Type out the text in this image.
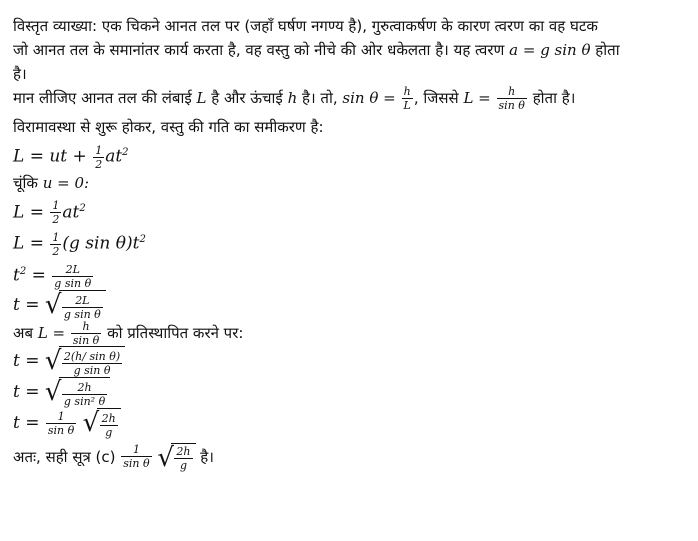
विस्तृत व्याख्या: एक चिकने आनत तल पर (जहाँ घर्षण नगण्य है), गुरुत्वाकर्षण के कारण त्वरण का वह घटक
जो आनत तल के समानांतर कार्य करता है, वह वस्तु को नीचे की ओर धकेलता है। यह त्वरण a = g sin θ होता
है।
मान लीजिए आनत तल की लंबाई L है और ऊंचाई h है। तो, $\sin \theta = \frac{h}{L}$ , जिससे $L = \frac{h}{\text{sin θ}}$ होता है।
विरामावस्था से शुरू होकर, वस्तु की गति का समीकरण है:
L = ut + $\frac{1}{2} at^2$
चूंकि u = 0:
$L = \frac{1}{2} at^2$
$L = \frac{1}{2} (g$ $\sin \theta)t^2$
$t^2 = \frac{2L}{\text{g sin θ}}$
t = √ $\frac{2L}{\text{g sin θ}}$
अब $L = \frac{h}{\text{sin θ}}$ को प्रतिस्थापित करने पर:
t = √ $\frac{\text{2(h/ sin θ)}}{\text{g sin θ}}$
t = √ $\frac{2h}{\text{g sin² θ}}$
$t = \frac{1}{\text{sin θ}}$
√ $\frac{2h}{g}$
अतः, सही सूत्र $(c) \frac{1}{\text{sin θ}}$
√ $\frac{2h}{g}$ है।
